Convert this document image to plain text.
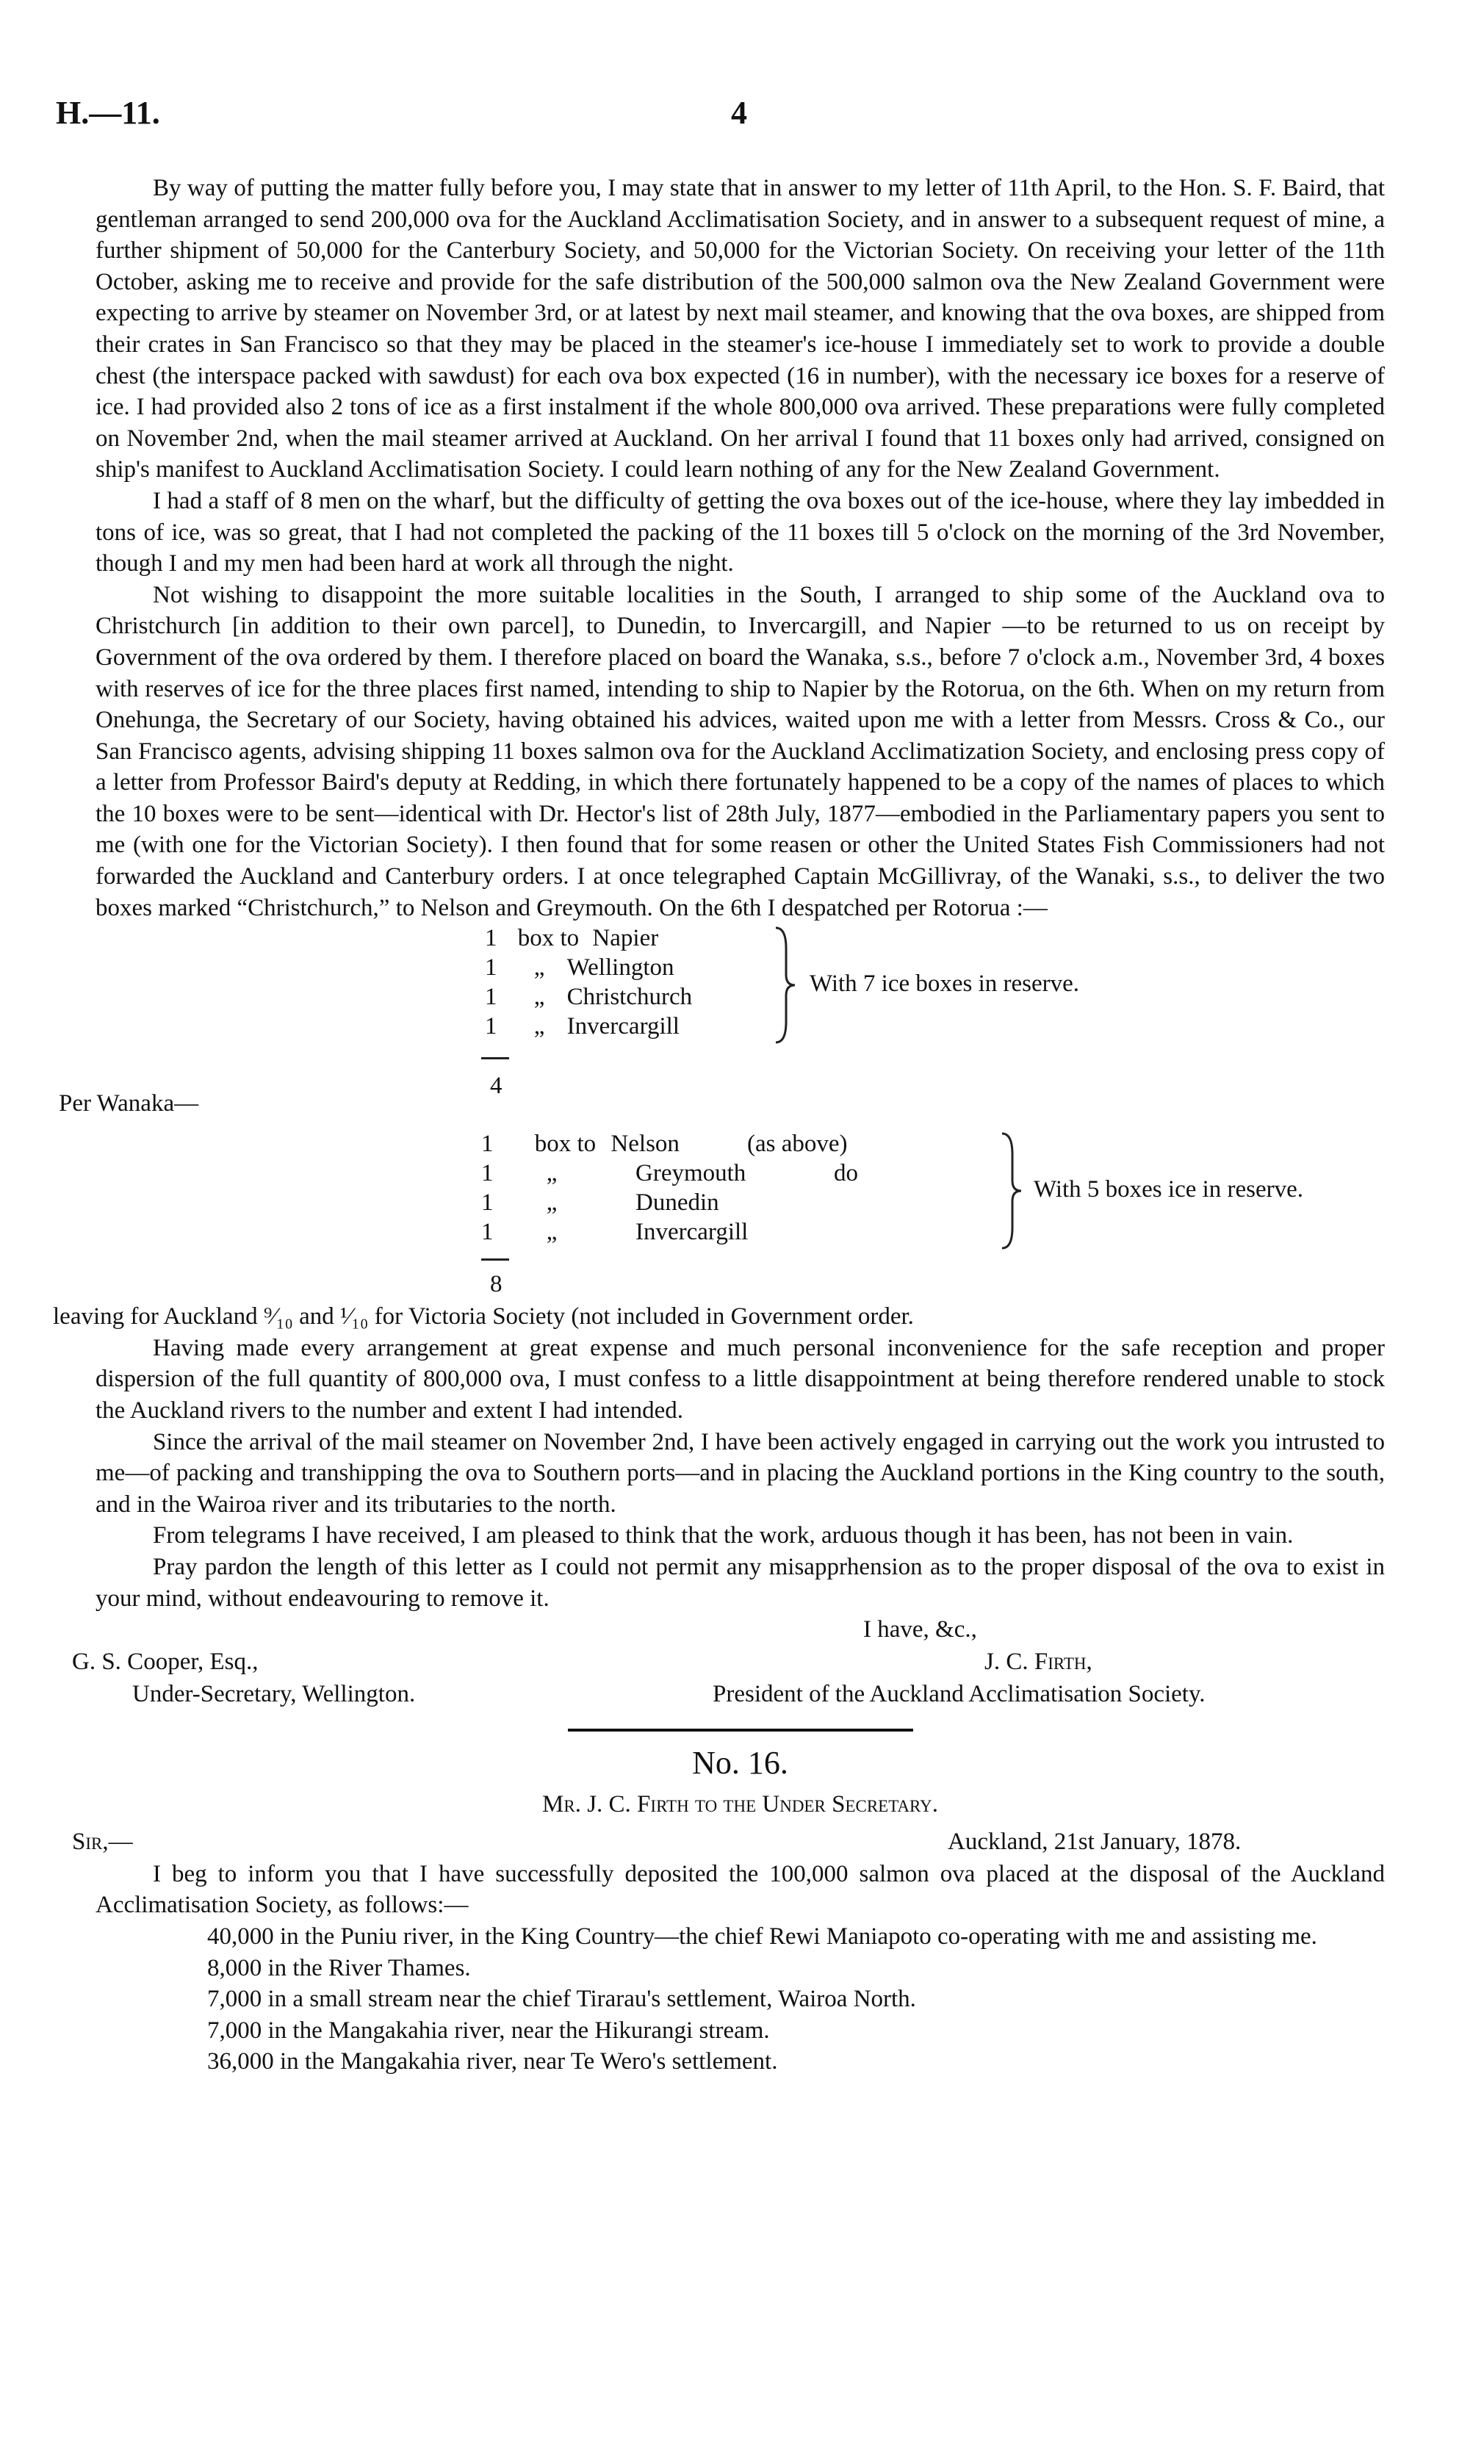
H.—11.	4

By way of putting the matter fully before you, I may state that in answer to my letter of 11th April, to the Hon. S. F. Baird, that gentleman arranged to send 200,000 ova for the Auckland Acclimatisation Society, and in answer to a subsequent request of mine, a further shipment of 50,000 for the Canterbury Society, and 50,000 for the Victorian Society. On receiving your letter of the 11th October, asking me to receive and provide for the safe distribution of the 500,000 salmon ova the New Zealand Government were expecting to arrive by steamer on November 3rd, or at latest by next mail steamer, and knowing that the ova boxes, are shipped from their crates in San Francisco so that they may be placed in the steamer's ice-house I immediately set to work to provide a double chest (the interspace packed with sawdust) for each ova box expected (16 in number), with the necessary ice boxes for a reserve of ice. I had provided also 2 tons of ice as a first instalment if the whole 800,000 ova arrived. These preparations were fully completed on November 2nd, when the mail steamer arrived at Auckland. On her arrival I found that 11 boxes only had arrived, consigned on ship's manifest to Auckland Acclimatisation Society. I could learn nothing of any for the New Zealand Government.

I had a staff of 8 men on the wharf, but the difficulty of getting the ova boxes out of the ice-house, where they lay imbedded in tons of ice, was so great, that I had not completed the packing of the 11 boxes till 5 o'clock on the morning of the 3rd November, though I and my men had been hard at work all through the night.

Not wishing to disappoint the more suitable localities in the South, I arranged to ship some of the Auckland ova to Christchurch [in addition to their own parcel], to Dunedin, to Invercargill, and Napier —to be returned to us on receipt by Government of the ova ordered by them. I therefore placed on board the Wanaka, s.s., before 7 o'clock a.m., November 3rd, 4 boxes with reserves of ice for the three places first named, intending to ship to Napier by the Rotorua, on the 6th. When on my return from Onehunga, the Secretary of our Society, having obtained his advices, waited upon me with a letter from Messrs. Cross & Co., our San Francisco agents, advising shipping 11 boxes salmon ova for the Auckland Acclimatization Society, and enclosing press copy of a letter from Professor Baird's deputy at Redding, in which there fortunately happened to be a copy of the names of places to which the 10 boxes were to be sent—identical with Dr. Hector's list of 28th July, 1877—embodied in the Parliamentary papers you sent to me (with one for the Victorian Society). I then found that for some reasen or other the United States Fish Commissioners had not forwarded the Auckland and Canterbury orders. I at once telegraphed Captain McGillivray, of the Wanaki, s.s., to deliver the two boxes marked “Christchurch,” to Nelson and Greymouth. On the 6th I despatched per Rotorua :—

1 box to Napier
1 „ Wellington
1 „ Christchurch
1 „ Invercargill
With 7 ice boxes in reserve.
4
Per Wanaka—
1 box to Nelson	(as above)
1 „	Greymouth	do
1 „	Dunedin
1 „	Invercargill
With 5 boxes ice in reserve.
8

leaving for Auckland ⁹⁄₁₀ and ¹⁄₁₀ for Victoria Society (not included in Government order.

Having made every arrangement at great expense and much personal inconvenience for the safe reception and proper dispersion of the full quantity of 800,000 ova, I must confess to a little disappointment at being therefore rendered unable to stock the Auckland rivers to the number and extent I had intended.

Since the arrival of the mail steamer on November 2nd, I have been actively engaged in carrying out the work you intrusted to me—of packing and transhipping the ova to Southern ports—and in placing the Auckland portions in the King country to the south, and in the Wairoa river and its tributaries to the north.

From telegrams I have received, I am pleased to think that the work, arduous though it has been, has not been in vain.

Pray pardon the length of this letter as I could not permit any misapprhension as to the proper disposal of the ova to exist in your mind, without endeavouring to remove it.

I have, &c.,
G. S. Cooper, Esq.,	J. C. Firth,
Under-Secretary, Wellington.	President of the Auckland Acclimatisation Society.
No. 16.
Mr. J. C. Firth to the Under Secretary.
Sir,—	Auckland, 21st January, 1878.

I beg to inform you that I have successfully deposited the 100,000 salmon ova placed at the disposal of the Auckland Acclimatisation Society, as follows:—

40,000 in the Puniu river, in the King Country—the chief Rewi Maniapoto co-operating with me and assisting me.

8,000 in the River Thames.

7,000 in a small stream near the chief Tirarau's settlement, Wairoa North.

7,000 in the Mangakahia river, near the Hikurangi stream.

36,000 in the Mangakahia river, near Te Wero's settlement.
